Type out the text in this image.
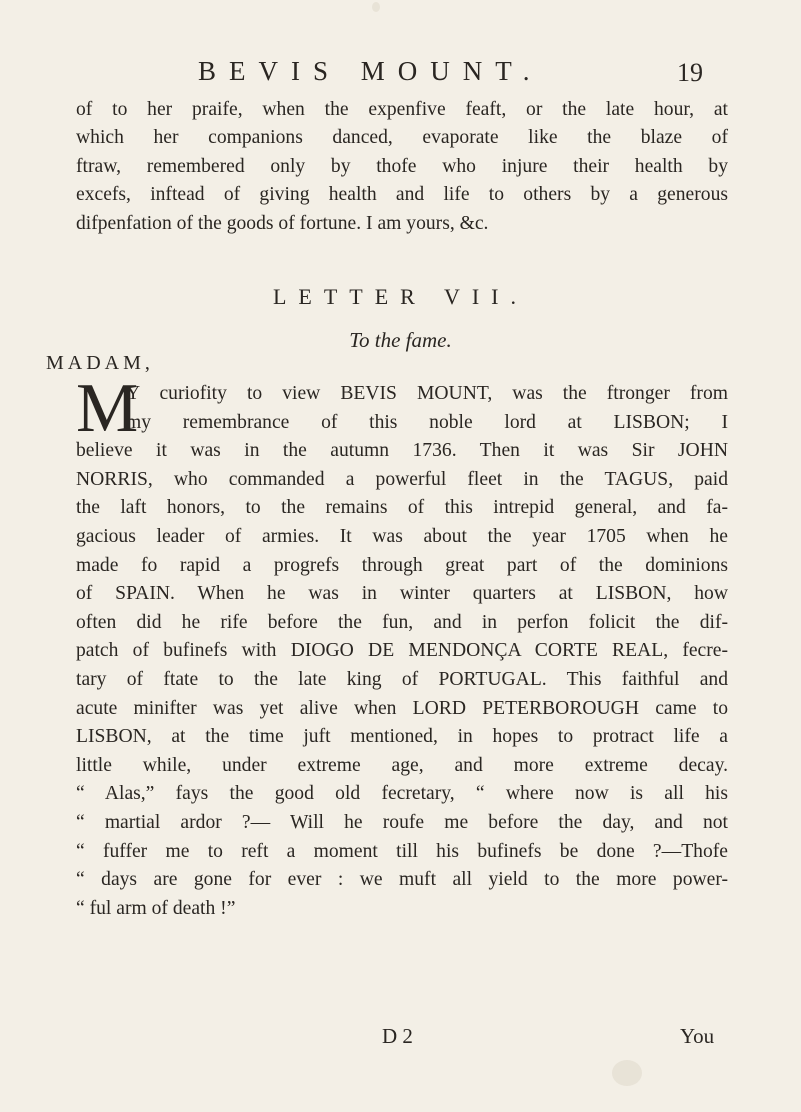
BEVIS MOUNT.	19
of to her praife, when the expenfive feaft, or the late hour, at
which her companions danced, evaporate like the blaze of
ftraw, remembered only by thofe who injure their health by
excefs, inftead of giving health and life to others by a generous
difpenfation of the goods of fortune. I am yours, &c.
LETTER VII.
To the fame.
MADAM,
M
Y curiofity to view BEVIS MOUNT, was the ftronger from
my remembrance of this noble lord at LISBON; I
believe it was in the autumn 1736. Then it was Sir JOHN
NORRIS, who commanded a powerful fleet in the TAGUS, paid
the laft honors, to the remains of this intrepid general, and fa-
gacious leader of armies. It was about the year 1705 when he
made fo rapid a progrefs through great part of the dominions
of SPAIN. When he was in winter quarters at LISBON, how
often did he rife before the fun, and in perfon folicit the dif-
patch of bufinefs with DIOGO DE MENDONÇA CORTE REAL, fecre-
tary of ftate to the late king of PORTUGAL. This faithful and
acute minifter was yet alive when LORD PETERBOROUGH came to
LISBON, at the time juft mentioned, in hopes to protract life a
little while, under extreme age, and more extreme decay.
“ Alas,” fays the good old fecretary, “ where now is all his
“ martial ardor ?— Will he roufe me before the day, and not
“ fuffer me to reft a moment till his bufinefs be done ?—Thofe
“ days are gone for ever : we muft all yield to the more power-
“ ful arm of death !”
D 2	You
